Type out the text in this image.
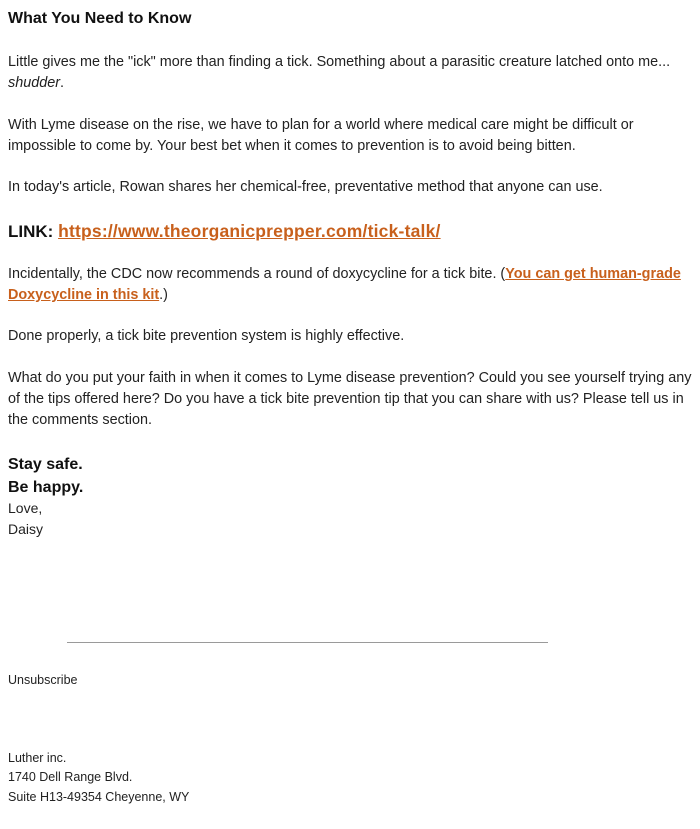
What You Need to Know

Little gives me the "ick" more than finding a tick. Something about a parasitic creature latched onto me... shudder.

With Lyme disease on the rise, we have to plan for a world where medical care might be difficult or impossible to come by. Your best bet when it comes to prevention is to avoid being bitten.

In today's article, Rowan shares her chemical-free, preventative method that anyone can use.

LINK: https://www.theorganicprepper.com/tick-talk/

Incidentally, the CDC now recommends a round of doxycycline for a tick bite. (You can get human-grade Doxycycline in this kit.)

Done properly, a tick bite prevention system is highly effective.

What do you put your faith in when it comes to Lyme disease prevention? Could you see yourself trying any of the tips offered here? Do you have a tick bite prevention tip that you can share with us? Please tell us in the comments section.

Stay safe.
Be happy.
Love,
Daisy
Unsubscribe
Luther inc.
1740 Dell Range Blvd.
Suite H13-49354 Cheyenne, WY
